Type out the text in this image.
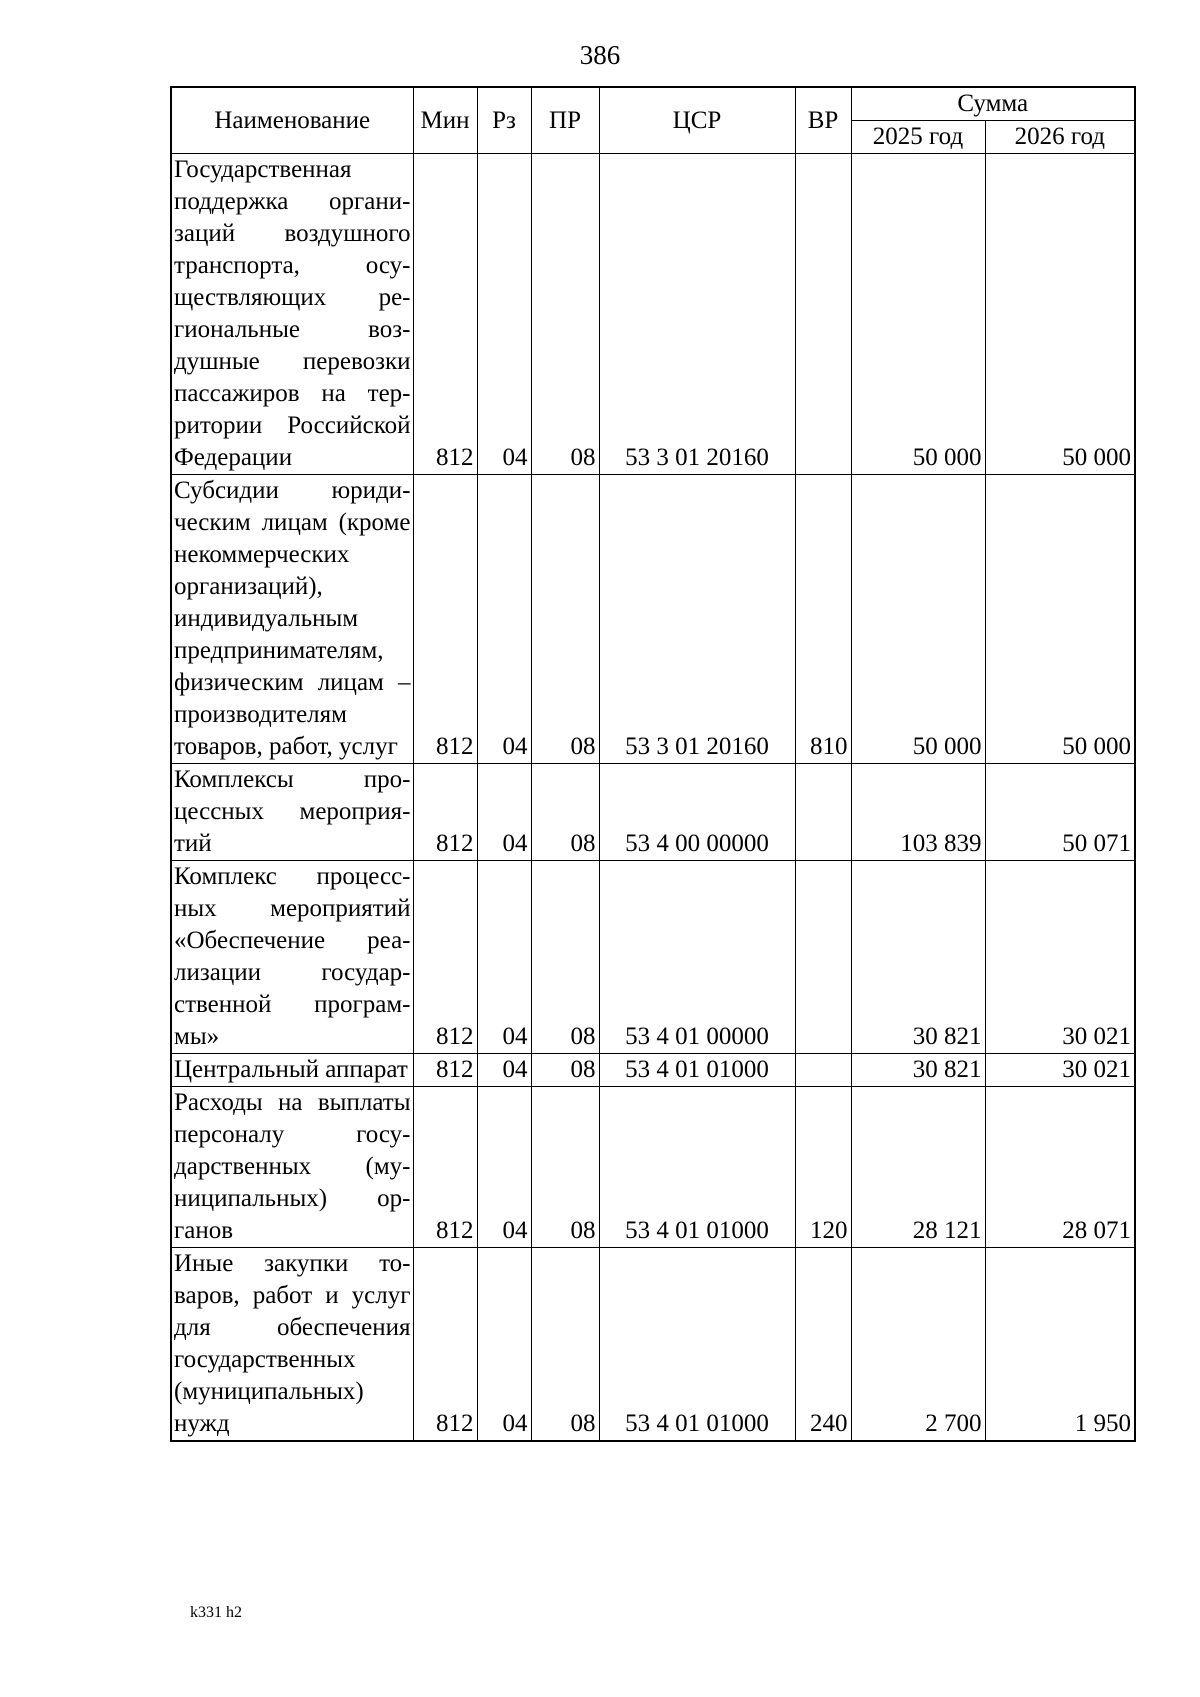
386
Наименование	Мин	Рз	ПР	ЦСР	ВР	Сумма	
						2025 год	2026 год
Государственная поддержка организаций воздушного транспорта, осуществляющих региональные воздушные перевозки пассажиров на территории Российской Федерации	812	04	08	53 3 01 20160		50 000	50 000
Субсидии юридическим лицам (кроме некоммерческих организаций), индивидуальным предпринимателям, физическим лицам – производителям товаров, работ, услуг	812	04	08	53 3 01 20160	810	50 000	50 000
Комплексы процессных мероприятий	812	04	08	53 4 00 00000		103 839	50 071
Комплекс процессных мероприятий «Обеспечение реализации государственной программы»	812	04	08	53 4 01 00000		30 821	30 021
Центральный аппарат	812	04	08	53 4 01 01000		30 821	30 021
Расходы на выплаты персоналу государственных (муниципальных) органов	812	04	08	53 4 01 01000	120	28 121	28 071
Иные закупки товаров, работ и услуг для обеспечения государственных (муниципальных) нужд	812	04	08	53 4 01 01000	240	2 700	1 950
k331 h2
